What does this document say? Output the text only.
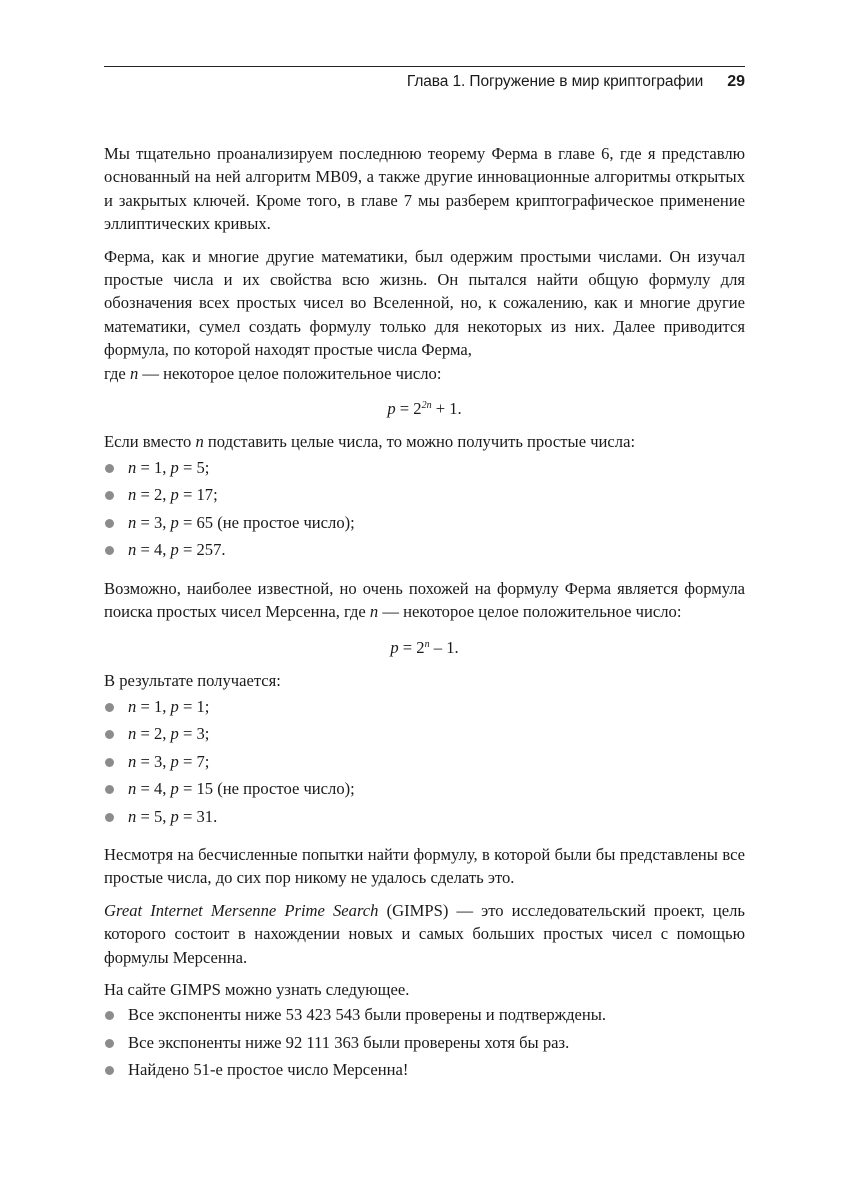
Глава 1. Погружение в мир криптографии 29

Мы тщательно проанализируем последнюю теорему Ферма в главе 6, где я представлю основанный на ней алгоритм MB09, а также другие инновационные алгоритмы открытых и закрытых ключей. Кроме того, в главе 7 мы разберем криптографическое применение эллиптических кривых.

Ферма, как и многие другие математики, был одержим простыми числами. Он изучал простые числа и их свойства всю жизнь. Он пытался найти общую формулу для обозначения всех простых чисел во Вселенной, но, к сожалению, как и многие другие математики, сумел создать формулу только для некоторых из них. Далее приводится формула, по которой находят простые числа Ферма,
где n — некоторое целое положительное число:

$p = 2^{2n} + 1$.

Если вместо n подставить целые числа, то можно получить простые числа:

n = 1, p = 5;
n = 2, p = 17;
n = 3, p = 65 (не простое число);
n = 4, p = 257.

Возможно, наиболее известной, но очень похожей на формулу Ферма является формула поиска простых чисел Мерсенна, где n — некоторое целое положительное число:

$p = 2^n - 1$.

В результате получается:

n = 1, p = 1;
n = 2, p = 3;
n = 3, p = 7;
n = 4, p = 15 (не простое число);
n = 5, p = 31.

Несмотря на бесчисленные попытки найти формулу, в которой были бы представлены все простые числа, до сих пор никому не удалось сделать это.

Great Internet Mersenne Prime Search (GIMPS) — это исследовательский проект, цель которого состоит в нахождении новых и самых больших простых чисел с помощью формулы Мерсенна.

На сайте GIMPS можно узнать следующее.

Все экспоненты ниже 53 423 543 были проверены и подтверждены.
Все экспоненты ниже 92 111 363 были проверены хотя бы раз.
Найдено 51-е простое число Мерсенна!
